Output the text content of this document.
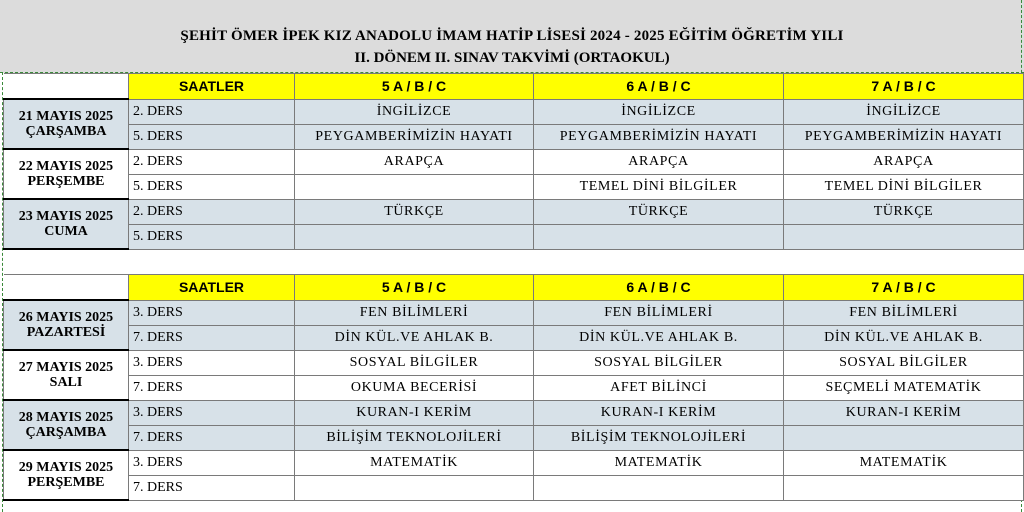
ŞEHİT ÖMER İPEK KIZ ANADOLU İMAM HATİP LİSESİ 2024 - 2025 EĞİTİM ÖĞRETİM YILI
II. DÖNEM II. SINAV TAKVİMİ (ORTAOKUL)
	SAATLER	5 A / B / C	6 A / B / C	7 A / B / C

21 MAYIS 2025
ÇARŞAMBA	2. DERS	İNGİLİZCE	İNGİLİZCE	İNGİLİZCE
	5. DERS	PEYGAMBERİMİZİN HAYATI	PEYGAMBERİMİZİN HAYATI	PEYGAMBERİMİZİN HAYATI

22 MAYIS 2025
PERŞEMBE	2. DERS	ARAPÇA	ARAPÇA	ARAPÇA
	5. DERS		TEMEL DİNİ BİLGİLER	TEMEL DİNİ BİLGİLER

23 MAYIS 2025
CUMA	2. DERS	TÜRKÇE	TÜRKÇE	TÜRKÇE
	5. DERS			

	SAATLER	5 A / B / C	6 A / B / C	7 A / B / C

26 MAYIS 2025
PAZARTESİ	3. DERS	FEN BİLİMLERİ	FEN BİLİMLERİ	FEN BİLİMLERİ
	7. DERS	DİN KÜL.VE AHLAK B.	DİN KÜL.VE AHLAK B.	DİN KÜL.VE AHLAK B.

27 MAYIS 2025
SALI	3. DERS	SOSYAL BİLGİLER	SOSYAL BİLGİLER	SOSYAL BİLGİLER
	7. DERS	OKUMA BECERİSİ	AFET BİLİNCİ	SEÇMELİ MATEMATİK

28 MAYIS 2025
ÇARŞAMBA	3. DERS	KURAN-I KERİM	KURAN-I KERİM	KURAN-I KERİM
	7. DERS	BİLİŞİM TEKNOLOJİLERİ	BİLİŞİM TEKNOLOJİLERİ	

29 MAYIS 2025
PERŞEMBE	3. DERS	MATEMATİK	MATEMATİK	MATEMATİK
	7. DERS			
